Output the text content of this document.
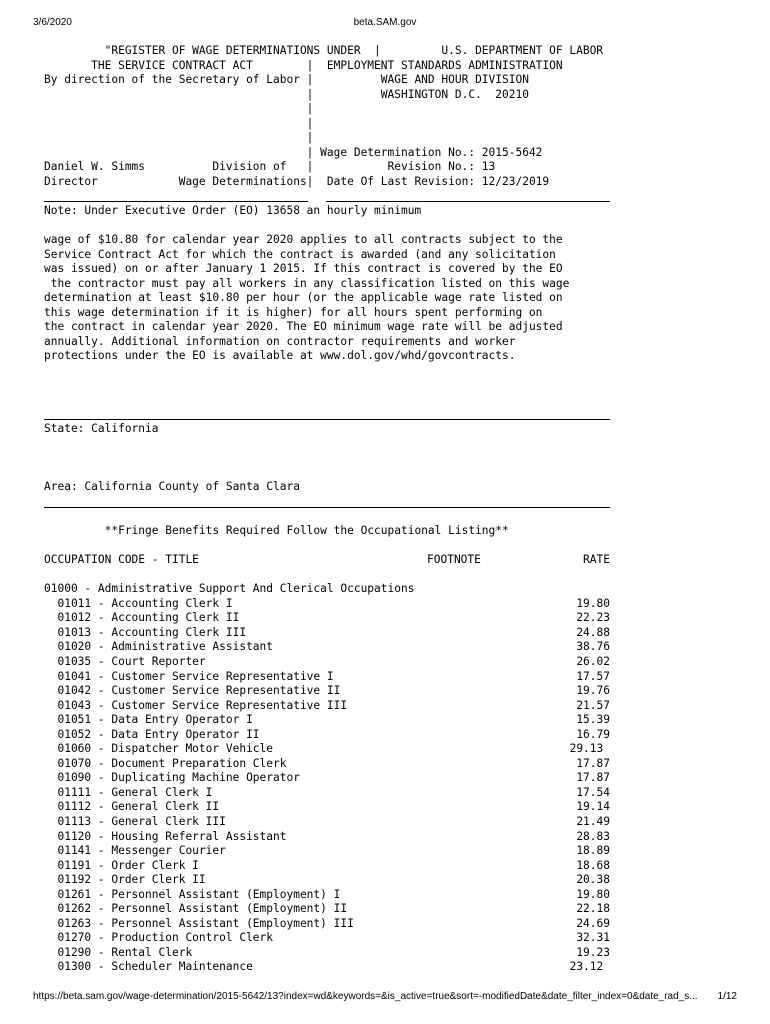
3/6/2020	beta.SAM.gov
"REGISTER OF WAGE DETERMINATIONS UNDER  |         U.S. DEPARTMENT OF LABOR
THE SERVICE CONTRACT ACT        |  EMPLOYMENT STANDARDS ADMINISTRATION
By direction of the Secretary of Labor |          WAGE AND HOUR DIVISION
|          WASHINGTON D.C.  20210
|
|
|
| Wage Determination No.: 2015-5642
Daniel W. Simms          Division of   |           Revision No.: 13
Director            Wage Determinations|  Date Of Last Revision: 12/23/2019
Note: Under Executive Order (EO) 13658 an hourly minimum
wage of $10.80 for calendar year 2020 applies to all contracts subject to the
Service Contract Act for which the contract is awarded (and any solicitation
was issued) on or after January 1 2015. If this contract is covered by the EO
the contractor must pay all workers in any classification listed on this wage
determination at least $10.80 per hour (or the applicable wage rate listed on
this wage determination if it is higher) for all hours spent performing on
the contract in calendar year 2020. The EO minimum wage rate will be adjusted
annually. Additional information on contractor requirements and worker
protections under the EO is available at www.dol.gov/whd/govcontracts.
State: California
Area: California County of Santa Clara
**Fringe Benefits Required Follow the Occupational Listing**
OCCUPATION CODE - TITLE	FOOTNOTE	RATE
01000 - Administrative Support And Clerical Occupations
01011 - Accounting Clerk I	19.80
01012 - Accounting Clerk II	22.23
01013 - Accounting Clerk III	24.88
01020 - Administrative Assistant	38.76
01035 - Court Reporter	26.02
01041 - Customer Service Representative I	17.57
01042 - Customer Service Representative II	19.76
01043 - Customer Service Representative III	21.57
01051 - Data Entry Operator I	15.39
01052 - Data Entry Operator II	16.79
01060 - Dispatcher Motor Vehicle	29.13
01070 - Document Preparation Clerk	17.87
01090 - Duplicating Machine Operator	17.87
01111 - General Clerk I	17.54
01112 - General Clerk II	19.14
01113 - General Clerk III	21.49
01120 - Housing Referral Assistant	28.83
01141 - Messenger Courier	18.89
01191 - Order Clerk I	18.68
01192 - Order Clerk II	20.38
01261 - Personnel Assistant (Employment) I	19.80
01262 - Personnel Assistant (Employment) II	22.18
01263 - Personnel Assistant (Employment) III	24.69
01270 - Production Control Clerk	32.31
01290 - Rental Clerk	19.23
01300 - Scheduler Maintenance	23.12
https://beta.sam.gov/wage-determination/2015-5642/13?index=wd&keywords=&is_active=true&sort=-modifiedDate&date_filter_index=0&date_rad_s...	1/12
